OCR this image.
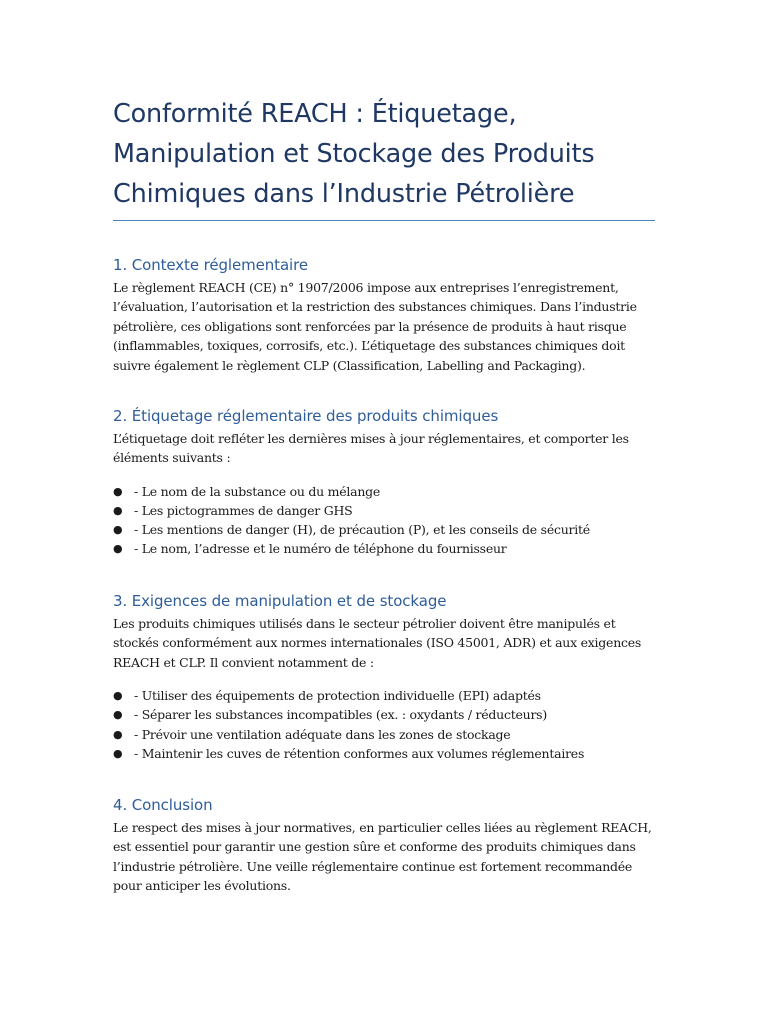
Conformité REACH : Étiquetage, Manipulation et Stockage des Produits Chimiques dans l’Industrie Pétrolière
1. Contexte réglementaire

Le règlement REACH (CE) n° 1907/2006 impose aux entreprises l’enregistrement, l’évaluation, l’autorisation et la restriction des substances chimiques. Dans l’industrie pétrolière, ces obligations sont renforcées par la présence de produits à haut risque (inflammables, toxiques, corrosifs, etc.). L’étiquetage des substances chimiques doit suivre également le règlement CLP (Classification, Labelling and Packaging).

2. Étiquetage réglementaire des produits chimiques

L’étiquetage doit refléter les dernières mises à jour réglementaires, et comporter les éléments suivants :

● - Le nom de la substance ou du mélange
● - Les pictogrammes de danger GHS
● - Les mentions de danger (H), de précaution (P), et les conseils de sécurité
● - Le nom, l’adresse et le numéro de téléphone du fournisseur
3. Exigences de manipulation et de stockage

Les produits chimiques utilisés dans le secteur pétrolier doivent être manipulés et stockés conformément aux normes internationales (ISO 45001, ADR) et aux exigences REACH et CLP. Il convient notamment de :

● - Utiliser des équipements de protection individuelle (EPI) adaptés
● - Séparer les substances incompatibles (ex. : oxydants / réducteurs)
● - Prévoir une ventilation adéquate dans les zones de stockage
● - Maintenir les cuves de rétention conformes aux volumes réglementaires
4. Conclusion

Le respect des mises à jour normatives, en particulier celles liées au règlement REACH, est essentiel pour garantir une gestion sûre et conforme des produits chimiques dans l’industrie pétrolière. Une veille réglementaire continue est fortement recommandée pour anticiper les évolutions.
